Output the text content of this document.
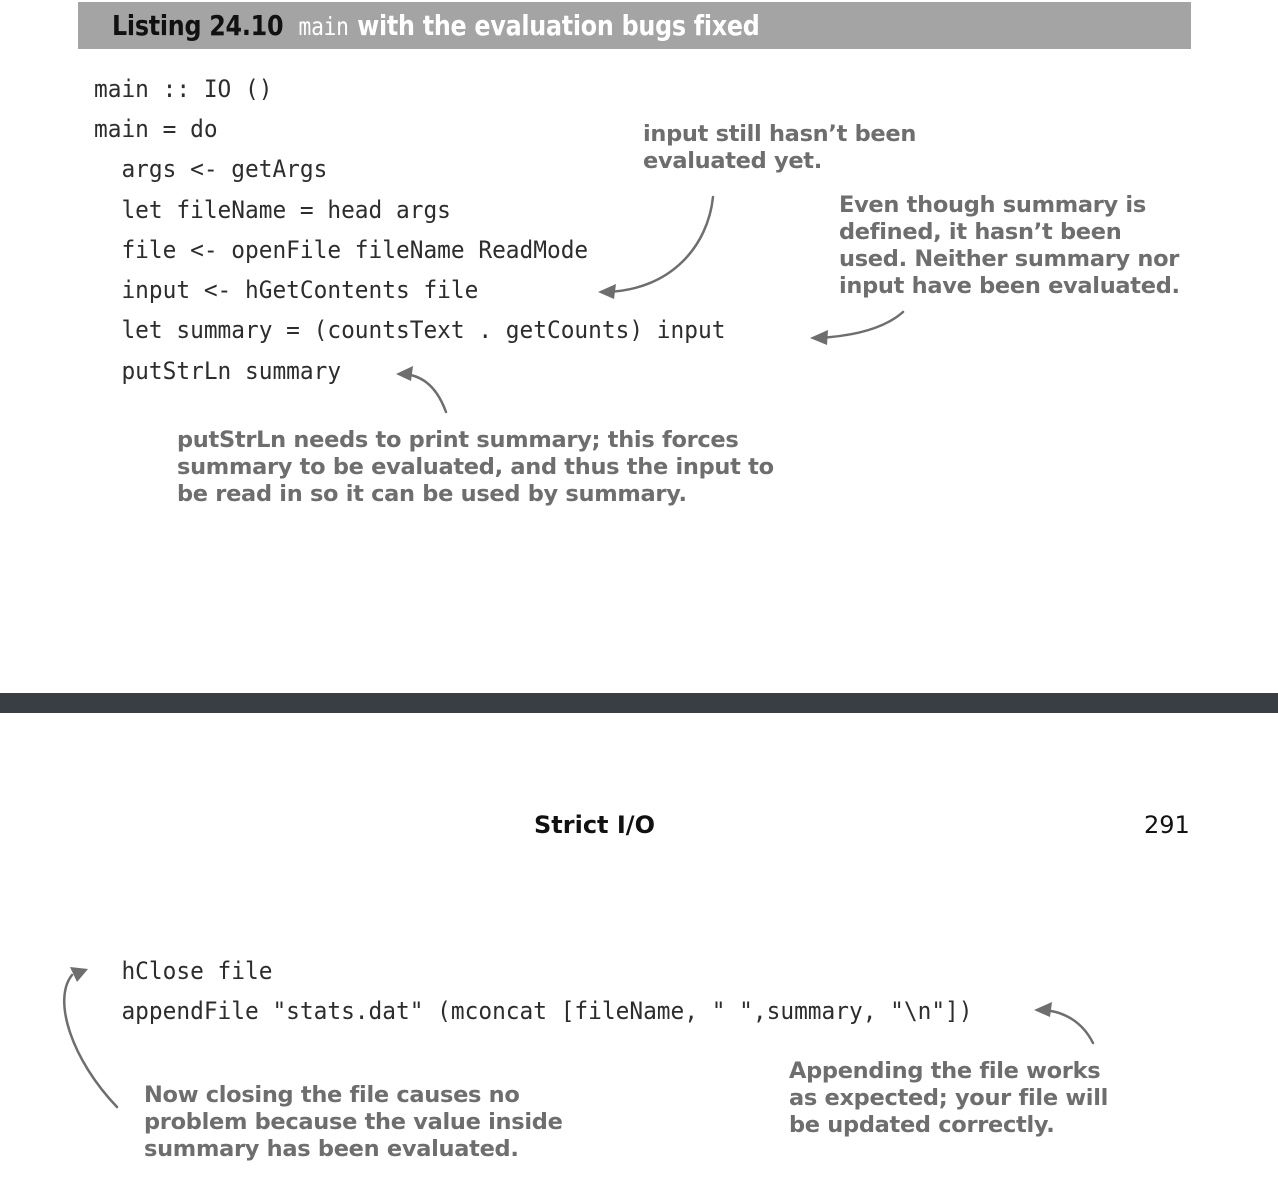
Listing 24.10 main with the evaluation bugs fixed
main :: IO ()
main = do
args <- getArgs
let fileName = head args
file <- openFile fileName ReadMode
input <- hGetContents file
let summary = (countsText . getCounts) input
putStrLn summary
input still hasn’t been
evaluated yet.
Even though summary is
defined, it hasn’t been
used. Neither summary nor
input have been evaluated.
putStrLn needs to print summary; this forces
summary to be evaluated, and thus the input to
be read in so it can be used by summary.
Strict I/O	291
hClose file
appendFile "stats.dat" (mconcat [fileName, " ",summary, "\n"])
Now closing the file causes no
problem because the value inside
summary has been evaluated.
Appending the file works
as expected; your file will
be updated correctly.
